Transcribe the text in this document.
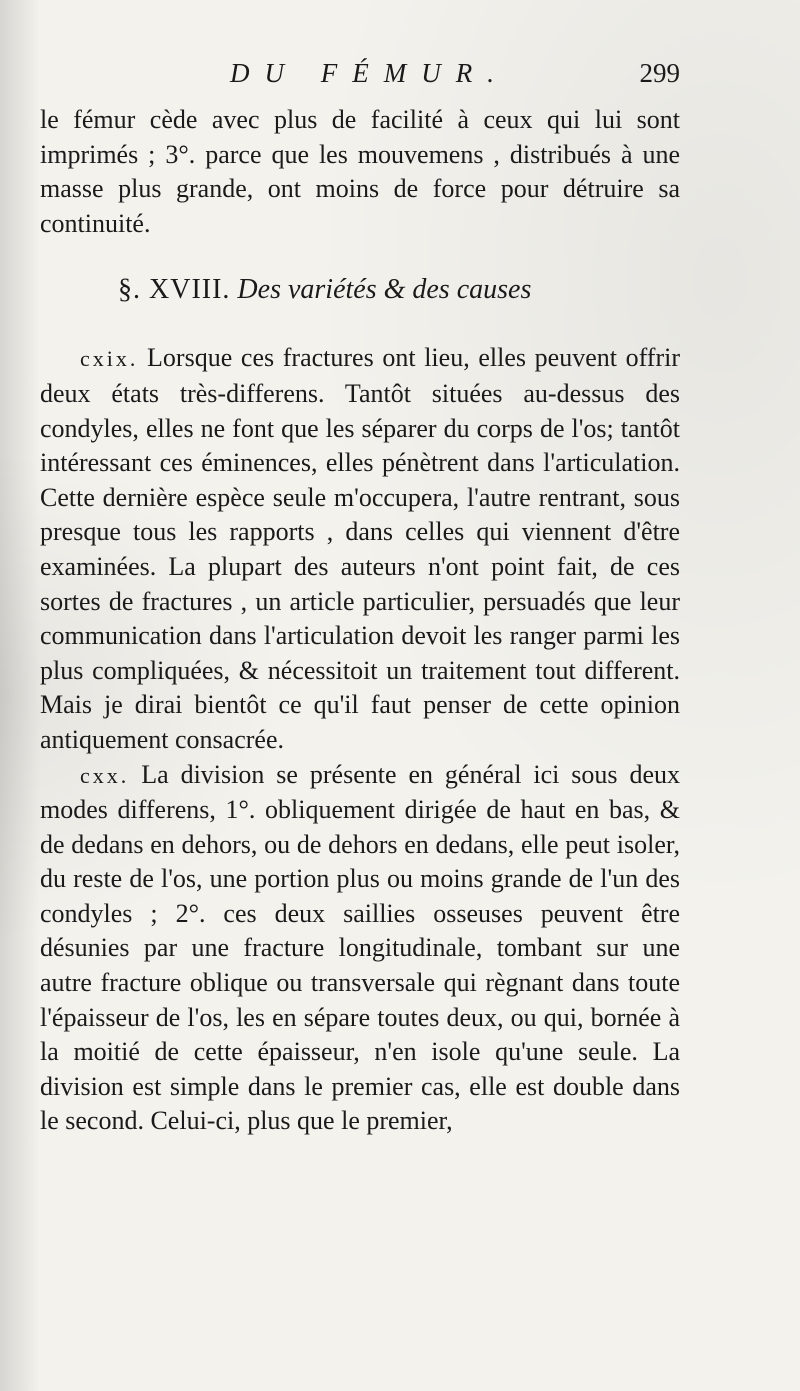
DU FÉMUR.	299

le fémur cède avec plus de facilité à ceux qui lui sont imprimés ; 3°. parce que les mouvemens , distribués à une masse plus grande, ont moins de force pour détruire sa continuité.

§. XVIII. Des variétés & des causes

cxix. Lorsque ces fractures ont lieu, elles peuvent offrir deux états très-differens. Tantôt situées au-dessus des condyles, elles ne font que les séparer du corps de l'os; tantôt intéressant ces éminences, elles pénètrent dans l'articulation. Cette dernière espèce seule m'occupera, l'autre rentrant, sous presque tous les rapports , dans celles qui viennent d'être examinées. La plupart des auteurs n'ont point fait, de ces sortes de fractures , un article particulier, persuadés que leur communication dans l'articulation devoit les ranger parmi les plus compliquées, & nécessitoit un traitement tout different. Mais je dirai bientôt ce qu'il faut penser de cette opinion antiquement consacrée.

cxx. La division se présente en général ici sous deux modes differens, 1°. obliquement dirigée de haut en bas, & de dedans en dehors, ou de dehors en dedans, elle peut isoler, du reste de l'os, une portion plus ou moins grande de l'un des condyles ; 2°. ces deux saillies osseuses peuvent être désunies par une fracture longitudinale, tombant sur une autre fracture oblique ou transversale qui règnant dans toute l'épaisseur de l'os, les en sépare toutes deux, ou qui, bornée à la moitié de cette épaisseur, n'en isole qu'une seule. La division est simple dans le premier cas, elle est double dans le second. Celui-ci, plus que le premier,
